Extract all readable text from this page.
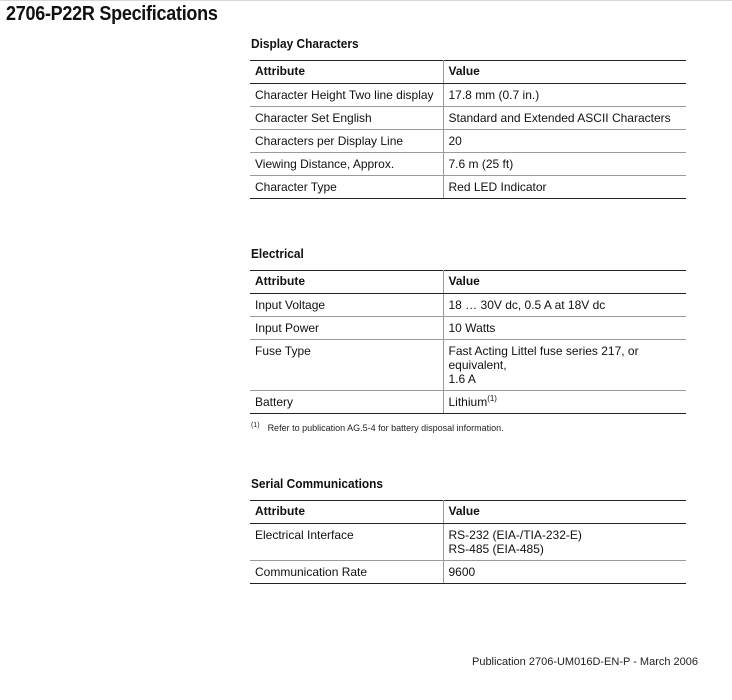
2706-P22R Specifications
Display Characters
Attribute	Value
Character Height Two line display	17.8 mm (0.7 in.)

Character Set English	Standard and Extended ASCII Characters

Characters per Display Line	20

Viewing Distance, Approx.	7.6 m (25 ft)

Character Type	Red LED Indicator
Electrical
Attribute	Value
Input Voltage	18 … 30V dc, 0.5 A at 18V dc

Input Power	10 Watts

Fuse Type	Fast Acting Littel fuse series 217, or equivalent,
1.6 A

Battery	Lithium$^{(1)}$
$^{(1)}$ Refer to publication AG.5-4 for battery disposal information.
Serial Communications
Attribute	Value
Electrical Interface	RS-232 (EIA-/TIA-232-E)
RS-485 (EIA-485)

Communication Rate	9600
Publication 2706-UM016D-EN-P - March 2006
